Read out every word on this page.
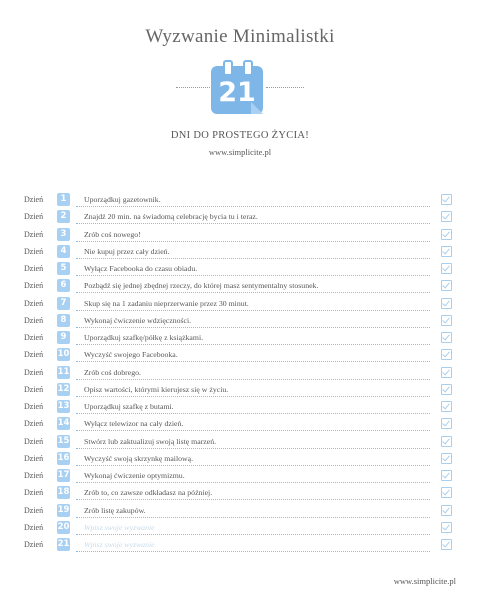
Wyzwanie Minimalistki
21
DNI DO PROSTEGO ŻYCIA!
www.simplicite.pl
Dzień	1	Uporządkuj gazetownik.
Dzień	2	Znajdź 20 min. na świadomą celebrację bycia tu i teraz.
Dzień	3	Zrób coś nowego!
Dzień	4	Nie kupuj przez cały dzień.
Dzień	5	Wyłącz Facebooka do czasu obiadu.
Dzień	6	Pozbądź się jednej zbędnej rzeczy, do której masz sentymentalny stosunek.
Dzień	7	Skup się na 1 zadaniu nieprzerwanie przez 30 minut.
Dzień	8	Wykonaj ćwiczenie wdzięczności.
Dzień	9	Uporządkuj szafkę/półkę z książkami.
Dzień 10 Wyczyść swojego Facebooka.
Dzień 11 Zrób coś dobrego.
Dzień 12 Opisz wartości, którymi kierujesz się w życiu.
Dzień 13 Uporządkuj szafkę z butami.
Dzień 14 Wyłącz telewizor na cały dzień.
Dzień 15 Stwórz lub zaktualizuj swoją listę marzeń.
Dzień 16 Wyczyść swoją skrzynkę mailową.
Dzień 17 Wykonaj ćwiczenie optymizmu.
Dzień 18 Zrób to, co zawsze odkładasz na później.
Dzień 19 Zrób listę zakupów.
Dzień 20 Wpisz swoje wyzwanie
Dzień 21 Wpisz swoje wyzwanie
www.simplicite.pl
